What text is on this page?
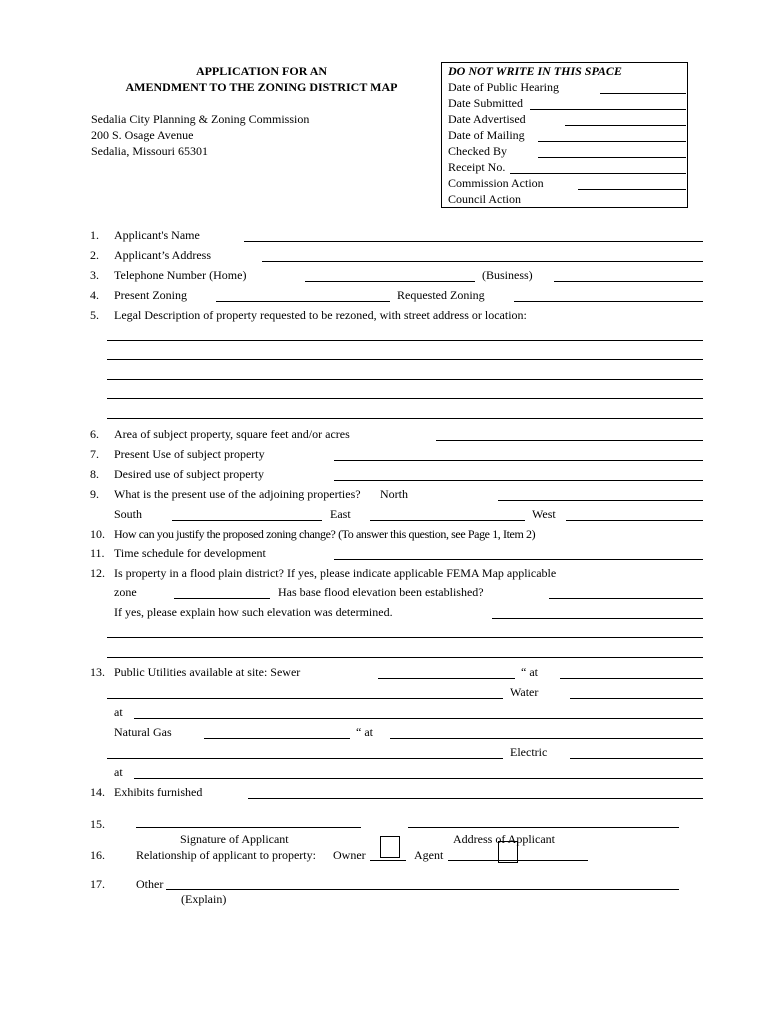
APPLICATION FOR AN
AMENDMENT TO THE ZONING DISTRICT MAP
Sedalia City Planning & Zoning Commission
200 S. Osage Avenue
Sedalia, Missouri 65301
DO NOT WRITE IN THIS SPACE
Date of Public Hearing
Date Submitted
Date Advertised
Date of Mailing
Checked By
Receipt No.
Commission Action
Council Action
1. Applicant's Name
2. Applicant’s Address
3. Telephone Number (Home)	(Business)
4. Present Zoning	Requested Zoning
5. Legal Description of property requested to be rezoned, with street address or location:
6. Area of subject property, square feet and/or acres
7. Present Use of subject property
8. Desired use of subject property
9. What is the present use of the adjoining properties? North
South	East	West
10. How can you justify the proposed zoning change? (To answer this question, see Page 1, Item 2)
11. Time schedule for development
12. Is property in a flood plain district? If yes, please indicate applicable FEMA Map applicable
zone	Has base flood elevation been established?
If yes, please explain how such elevation was determined.
13. Public Utilities available at site: Sewer	“ at
Water
at
Natural Gas	“ at
Electric
at
14. Exhibits furnished
15.
Signature of Applicant	Address of Applicant
16.	Relationship of applicant to property: Owner	Agent
17.	Other
(Explain)
